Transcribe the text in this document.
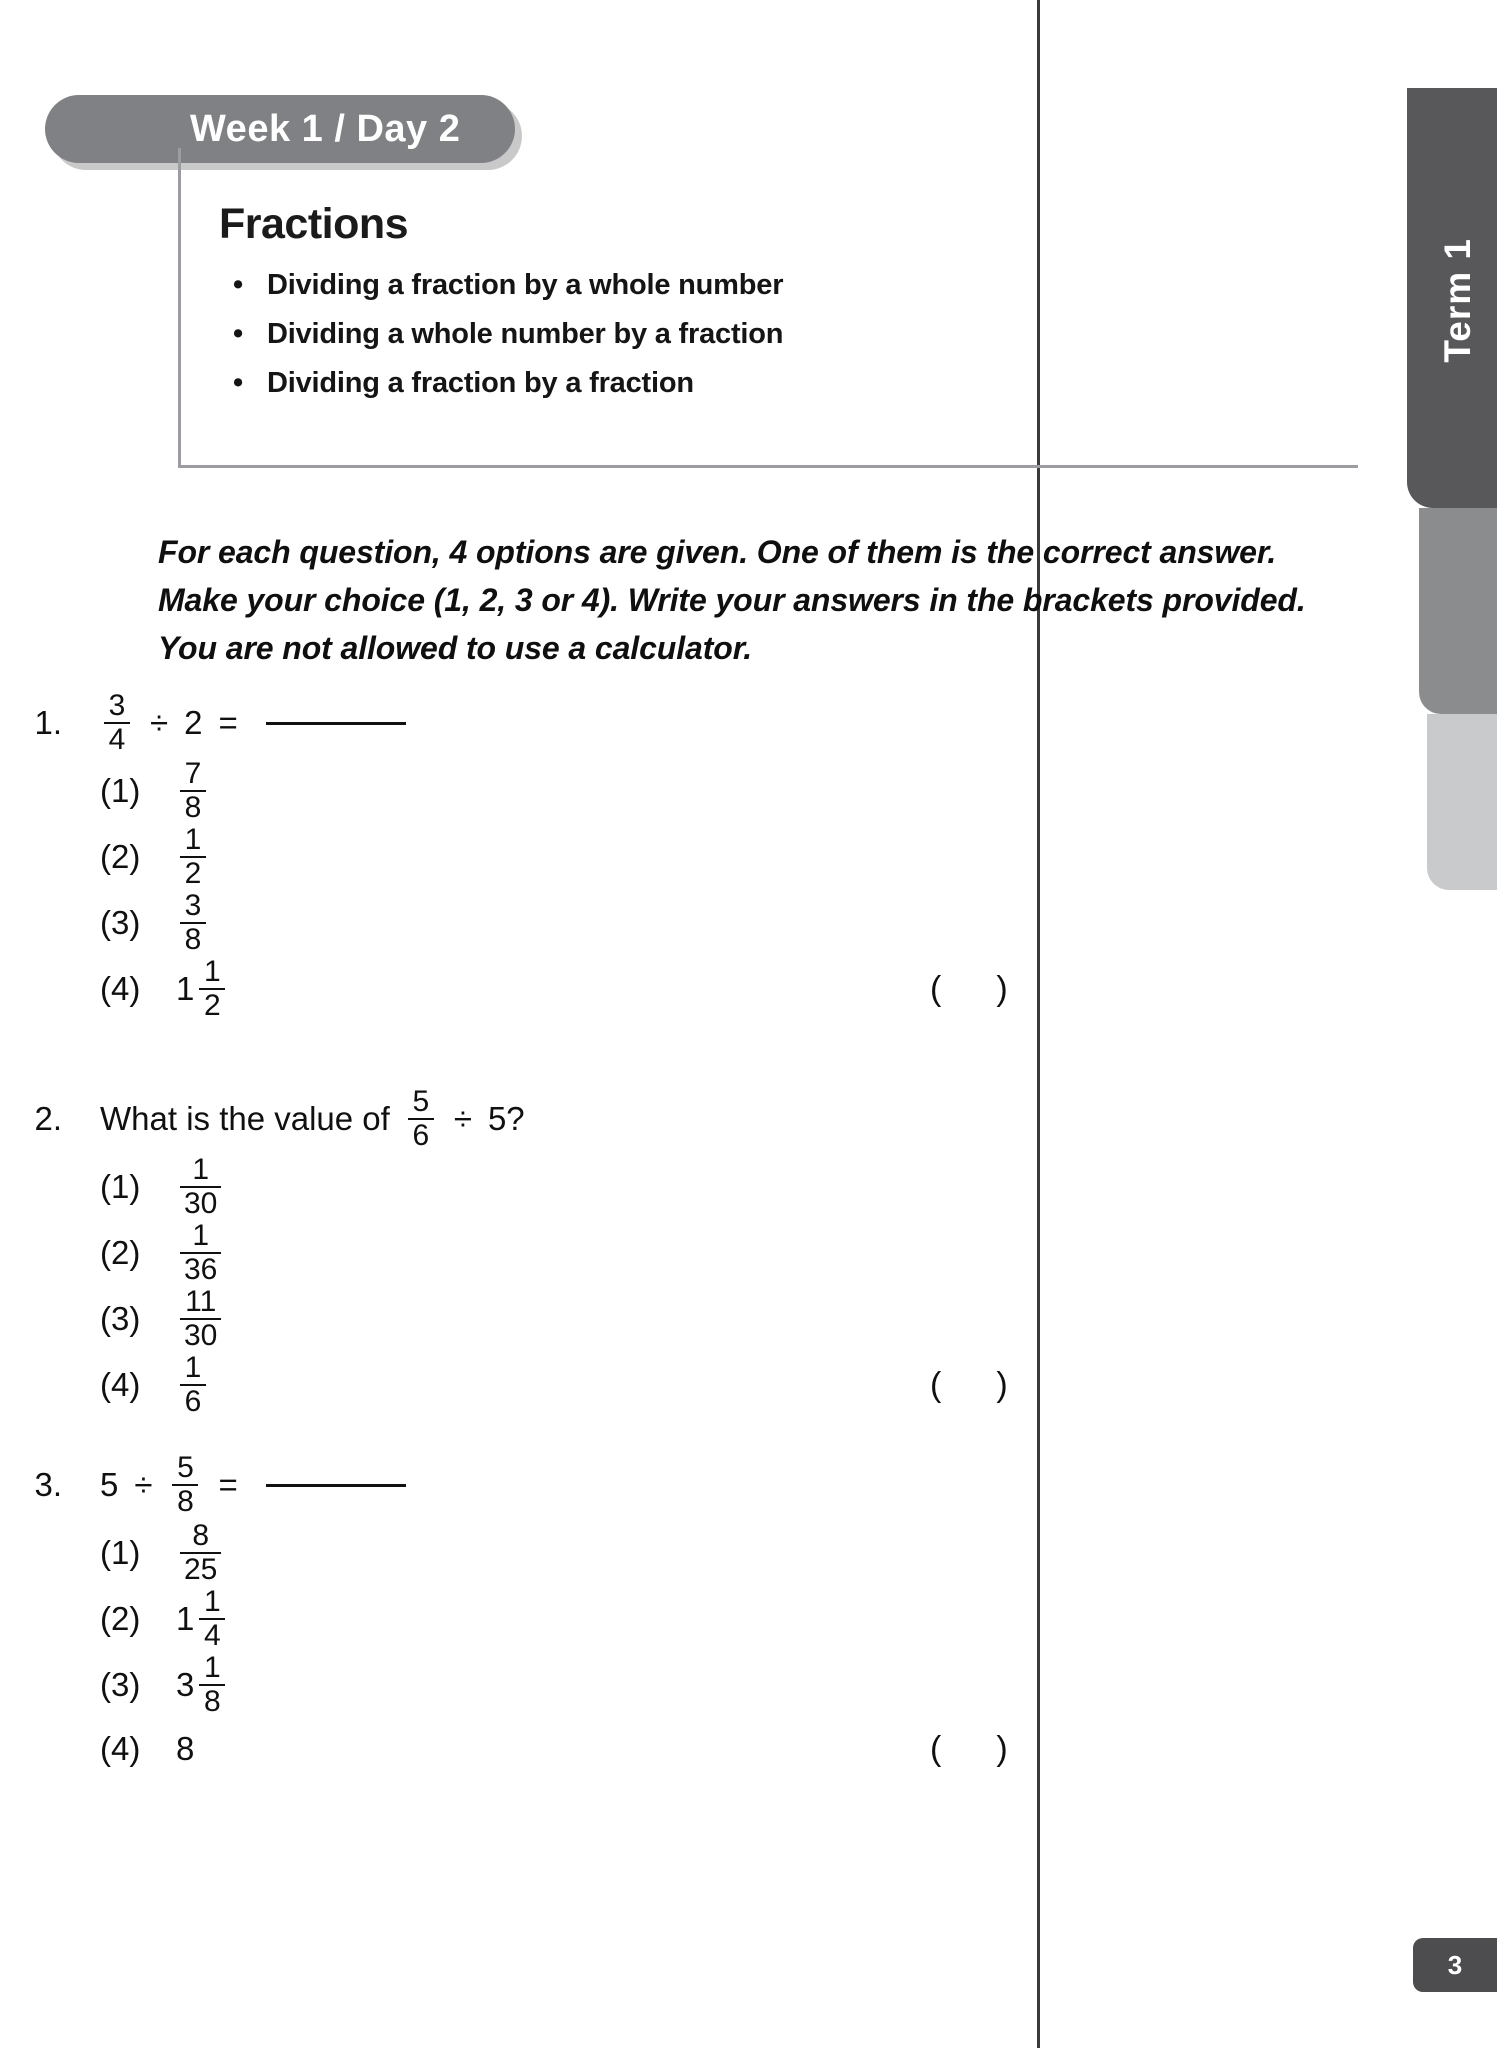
Term 1
3
Week 1 / Day 2
Fractions
• Dividing a fraction by a whole number
• Dividing a whole number by a fraction
• Dividing a fraction by a fraction

For each question, 4 options are given. One of them is the correct answer.

Make your choice (1, 2, 3 or 4). Write your answers in the brackets provided.

You are not allowed to use a calculator.

1. $\frac{3}{4} \div 2$ =
(1)	$\frac{7}{8}$
(2)	$\frac{1}{2}$
(3)	$\frac{3}{8}$
(4)	$1 \frac{1}{2}$	()
2. What is the value of $\frac{5}{6} \div 5$?
(1)	$\frac{1}{30}$
(2)	$\frac{1}{36}$
(3)	$\frac{11}{30}$
(4)	$\frac{1}{6}$	()
3. $5 \div \frac{5}{8}$ =
(1)	$\frac{8}{25}$
(2)	$1 \frac{1}{4}$
(3)	$3 \frac{1}{8}$
(4)	8	()
